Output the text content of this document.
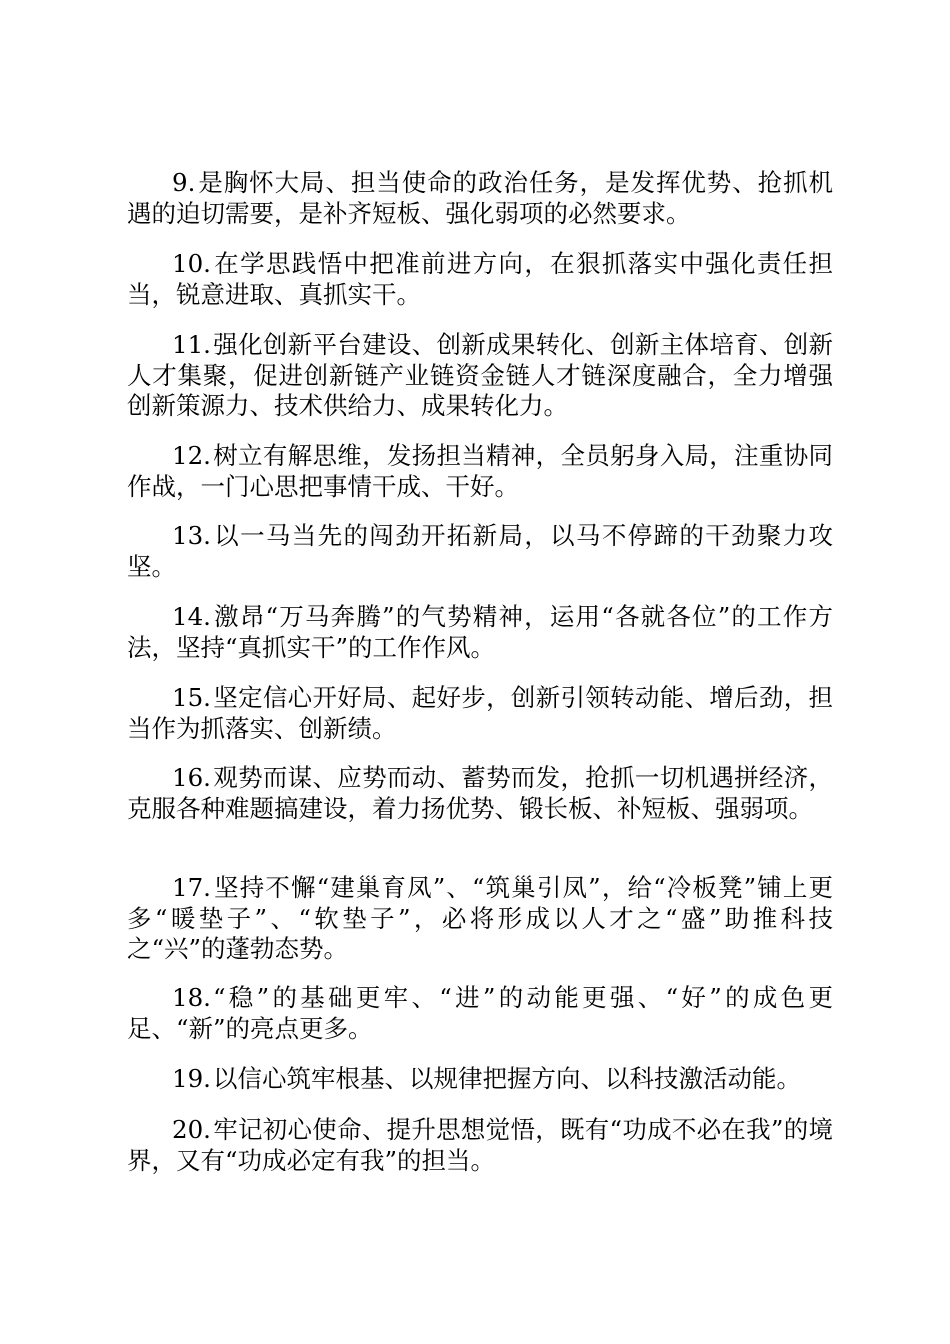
9.是胸怀大局、担当使命的政治任务，是发挥优势、抢抓机遇的迫切需要，是补齐短板、强化弱项的必然要求。

10.在学思践悟中把准前进方向，在狠抓落实中强化责任担当，锐意进取、真抓实干。

11.强化创新平台建设、创新成果转化、创新主体培育、创新人才集聚，促进创新链产业链资金链人才链深度融合，全力增强创新策源力、技术供给力、成果转化力。

12.树立有解思维，发扬担当精神，全员躬身入局，注重协同作战，一门心思把事情干成、干好。

13.以一马当先的闯劲开拓新局，以马不停蹄的干劲聚力攻坚。

14.激昂“万马奔腾”的气势精神，运用“各就各位”的工作方法，坚持“真抓实干”的工作作风。

15.坚定信心开好局、起好步，创新引领转动能、增后劲，担当作为抓落实、创新绩。

16.观势而谋、应势而动、蓄势而发，抢抓一切机遇拼经济，克服各种难题搞建设，着力扬优势、锻长板、补短板、强弱项。

17.坚持不懈“建巢育凤”、“筑巢引凤”，给“冷板凳”铺上更多“暖垫子”、“软垫子”，必将形成以人才之“盛”助推科技之“兴”的蓬勃态势。

18.“稳”的基础更牢、“进”的动能更强、“好”的成色更足、“新”的亮点更多。

19.以信心筑牢根基、以规律把握方向、以科技激活动能。

20.牢记初心使命、提升思想觉悟，既有“功成不必在我”的境界，又有“功成必定有我”的担当。
